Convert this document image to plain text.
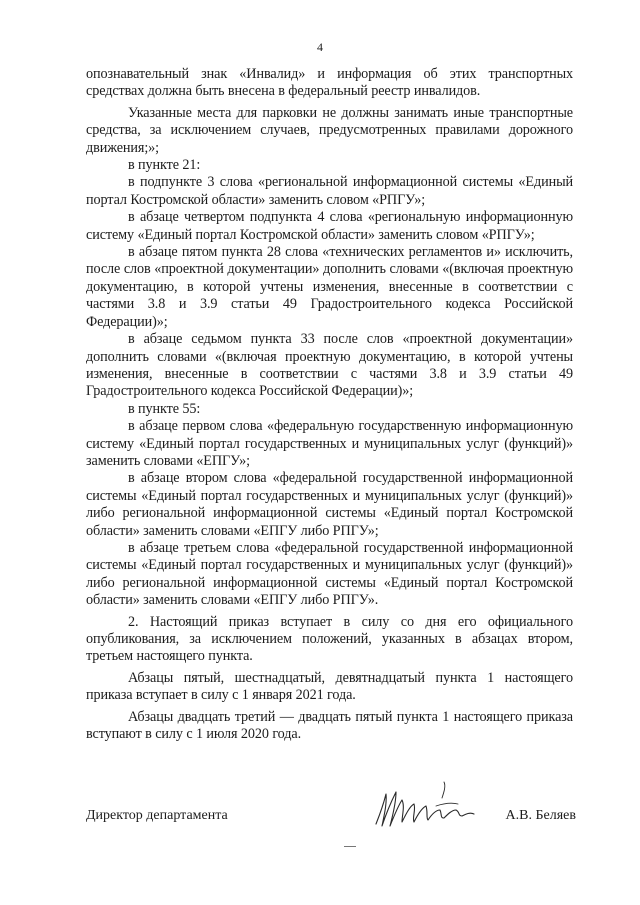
4

опознавательный знак «Инвалид» и информация об этих транспортных средствах должна быть внесена в федеральный реестр инвалидов.

Указанные места для парковки не должны занимать иные транспортные средства, за исключением случаев, предусмотренных правилами дорожного движения;»;

в пункте 21:

в подпункте 3 слова «региональной информационной системы «Единый портал Костромской области» заменить словом «РПГУ»;

в абзаце четвертом подпункта 4 слова «региональную информационную систему «Единый портал Костромской области» заменить словом «РПГУ»;

в абзаце пятом пункта 28 слова «технических регламентов и» исключить, после слов «проектной документации» дополнить словами «(включая проектную документацию, в которой учтены изменения, внесенные в соответствии с частями 3.8 и 3.9 статьи 49 Градостроительного кодекса Российской Федерации)»;

в абзаце седьмом пункта 33 после слов «проектной документации» дополнить словами «(включая проектную документацию, в которой учтены изменения, внесенные в соответствии с частями 3.8 и 3.9 статьи 49 Градостроительного кодекса Российской Федерации)»;

в пункте 55:

в абзаце первом слова «федеральную государственную информационную систему «Единый портал государственных и муниципальных услуг (функций)» заменить словами «ЕПГУ»;

в абзаце втором слова «федеральной государственной информационной системы «Единый портал государственных и муниципальных услуг (функций)» либо региональной информационной системы «Единый портал Костромской области» заменить словами «ЕПГУ либо РПГУ»;

в абзаце третьем слова «федеральной государственной информационной системы «Единый портал государственных и муниципальных услуг (функций)» либо региональной информационной системы «Единый портал Костромской области» заменить словами «ЕПГУ либо РПГУ».

2. Настоящий приказ вступает в силу со дня его официального опубликования, за исключением положений, указанных в абзацах втором, третьем настоящего пункта.

Абзацы пятый, шестнадцатый, девятнадцатый пункта 1 настоящего приказа вступает в силу с 1 января 2021 года.

Абзацы двадцать третий — двадцать пятый пункта 1 настоящего приказа вступают в силу с 1 июля 2020 года.

Директор департамента	А.В. Беляев
